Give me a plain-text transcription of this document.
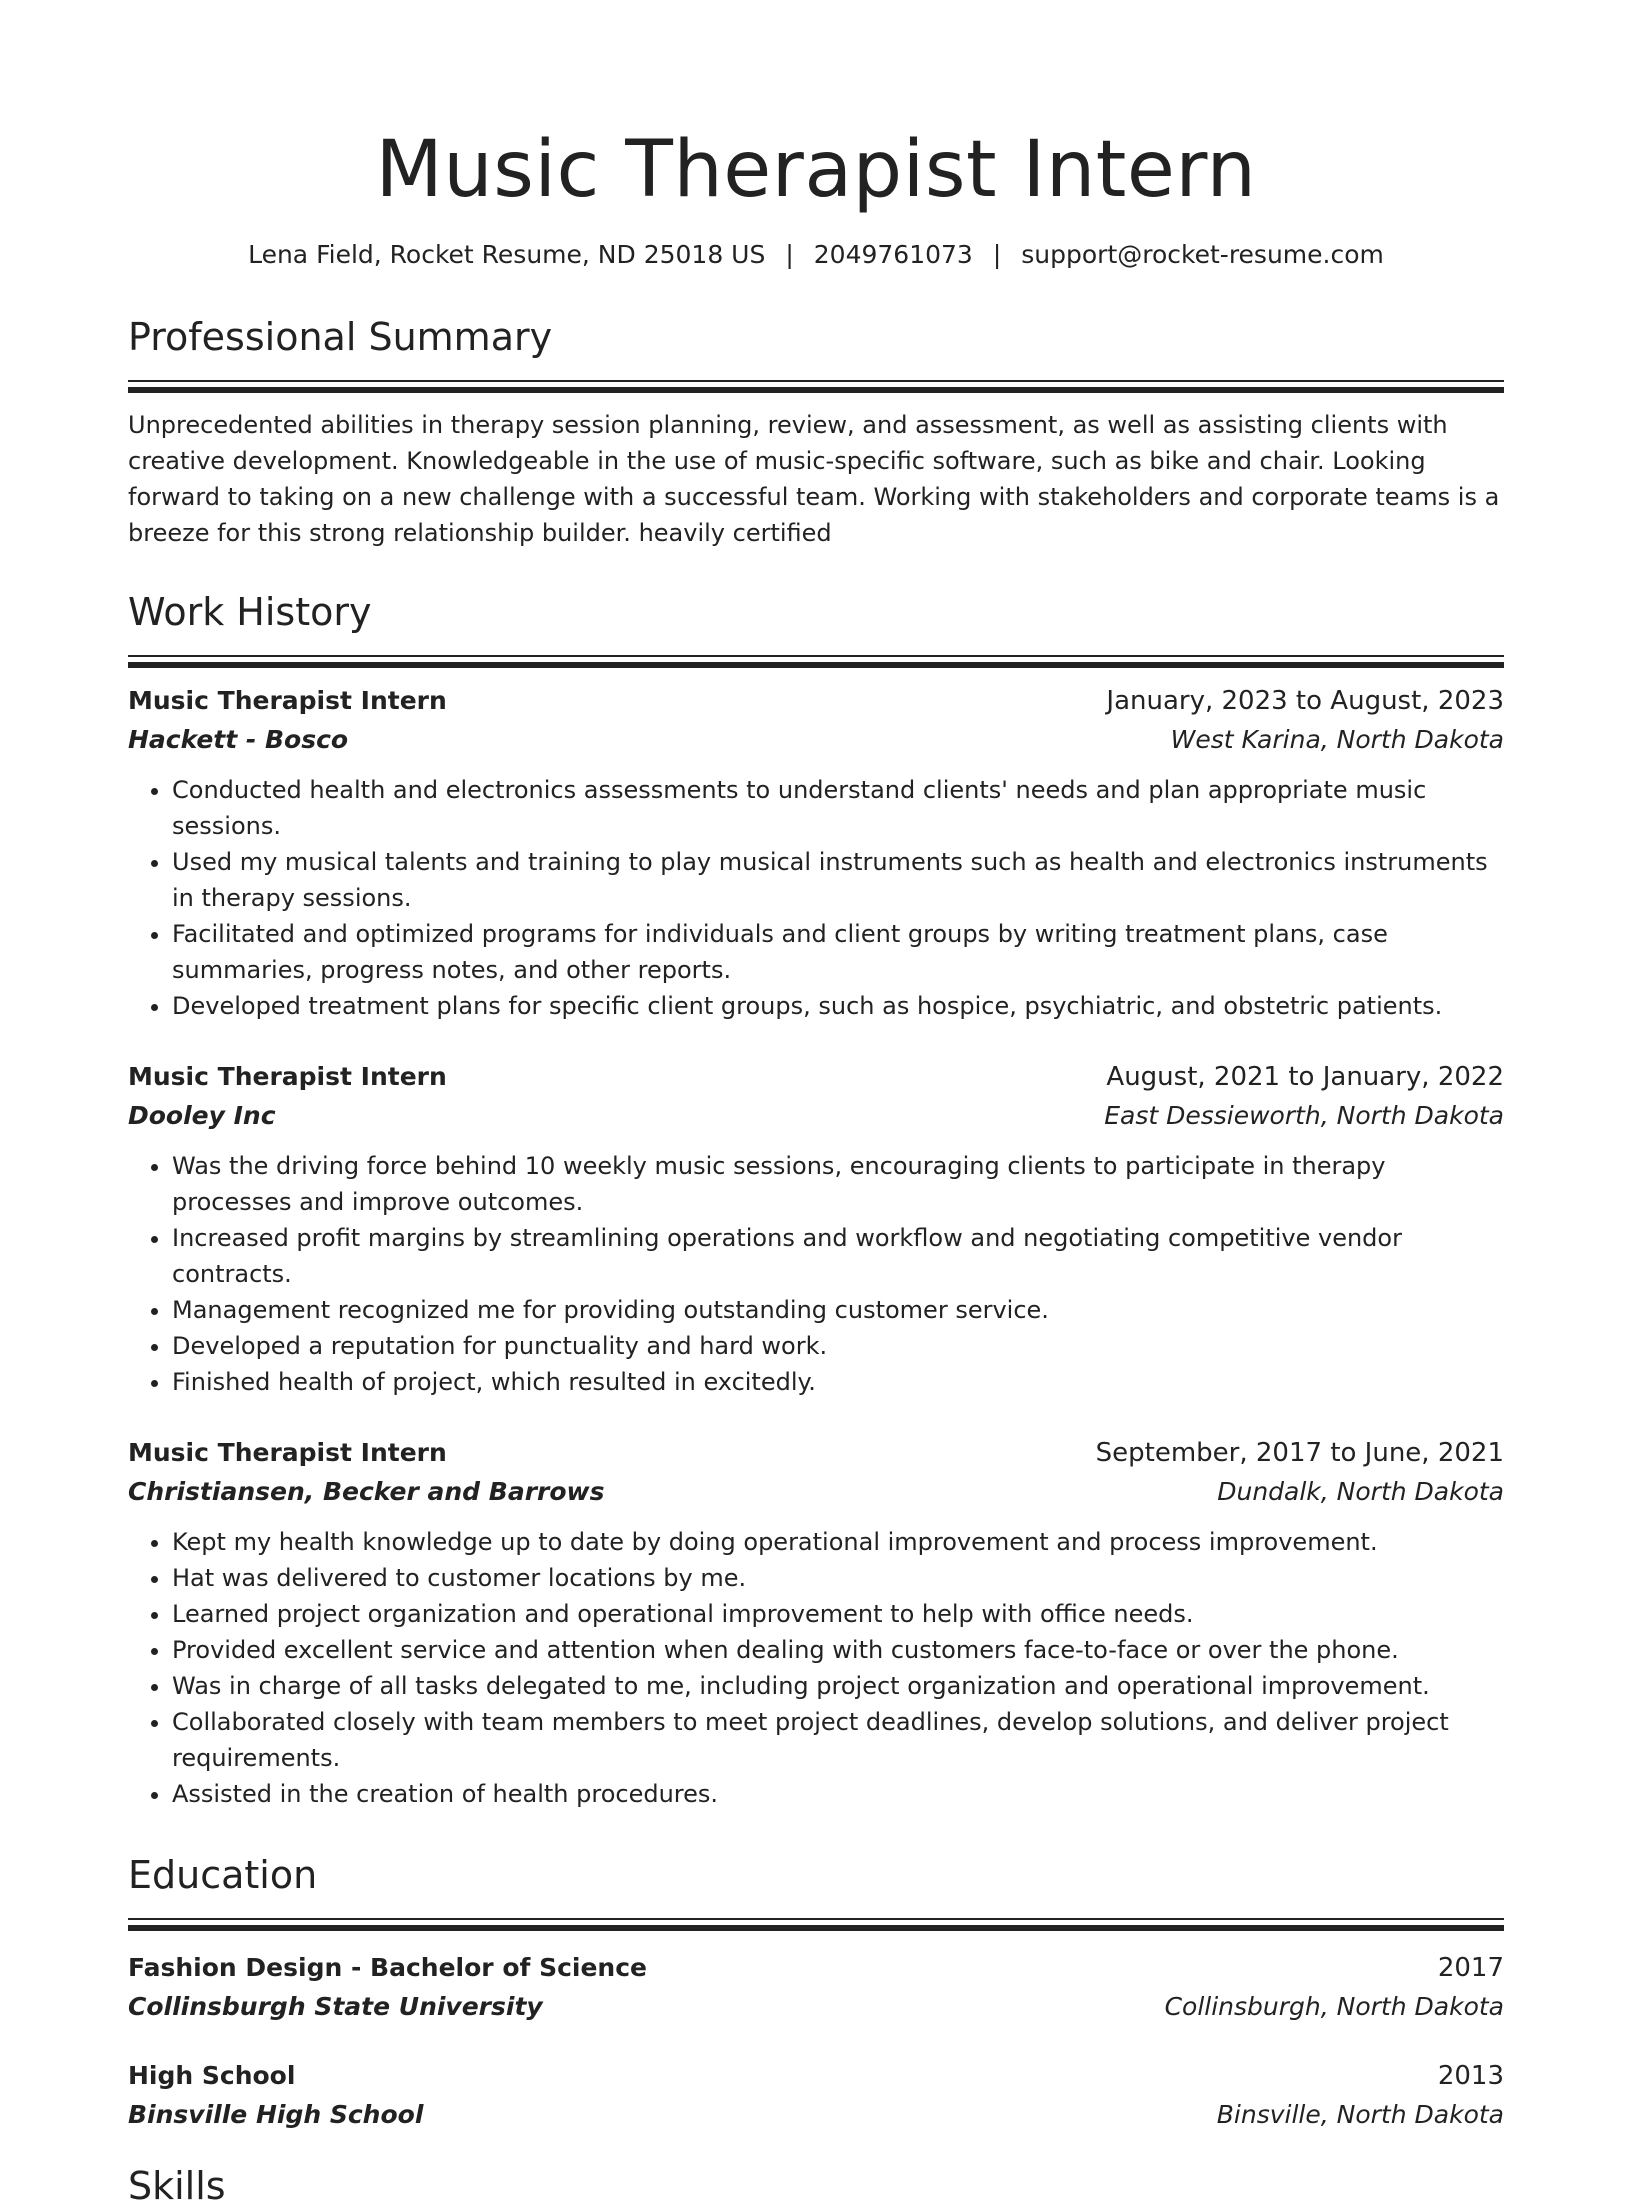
Music Therapist Intern
Lena Field, Rocket Resume, ND 25018 US | 2049761073 | support@rocket-resume.com
Professional Summary
Unprecedented abilities in therapy session planning, review, and assessment, as well as assisting clients with creative development. Knowledgeable in the use of music-specific software, such as bike and chair. Looking forward to taking on a new challenge with a successful team. Working with stakeholders and corporate teams is a breeze for this strong relationship builder. heavily certified
Work History
Music Therapist Intern	January, 2023 to August, 2023
Hackett - Bosco	West Karina, North Dakota
• Conducted health and electronics assessments to understand clients' needs and plan appropriate music sessions.
• Used my musical talents and training to play musical instruments such as health and electronics instruments in therapy sessions.
• Facilitated and optimized programs for individuals and client groups by writing treatment plans, case summaries, progress notes, and other reports.
• Developed treatment plans for specific client groups, such as hospice, psychiatric, and obstetric patients.
Music Therapist Intern	August, 2021 to January, 2022
Dooley Inc	East Dessieworth, North Dakota
• Was the driving force behind 10 weekly music sessions, encouraging clients to participate in therapy processes and improve outcomes.
• Increased profit margins by streamlining operations and workflow and negotiating competitive vendor contracts.
• Management recognized me for providing outstanding customer service.
• Developed a reputation for punctuality and hard work.
• Finished health of project, which resulted in excitedly.
Music Therapist Intern	September, 2017 to June, 2021
Christiansen, Becker and Barrows	Dundalk, North Dakota
• Kept my health knowledge up to date by doing operational improvement and process improvement.
• Hat was delivered to customer locations by me.
• Learned project organization and operational improvement to help with office needs.
• Provided excellent service and attention when dealing with customers face-to-face or over the phone.
• Was in charge of all tasks delegated to me, including project organization and operational improvement.
• Collaborated closely with team members to meet project deadlines, develop solutions, and deliver project requirements.
• Assisted in the creation of health procedures.
Education
Fashion Design - Bachelor of Science	2017
Collinsburgh State University	Collinsburgh, North Dakota
High School	2013
Binsville High School	Binsville, North Dakota
Skills
